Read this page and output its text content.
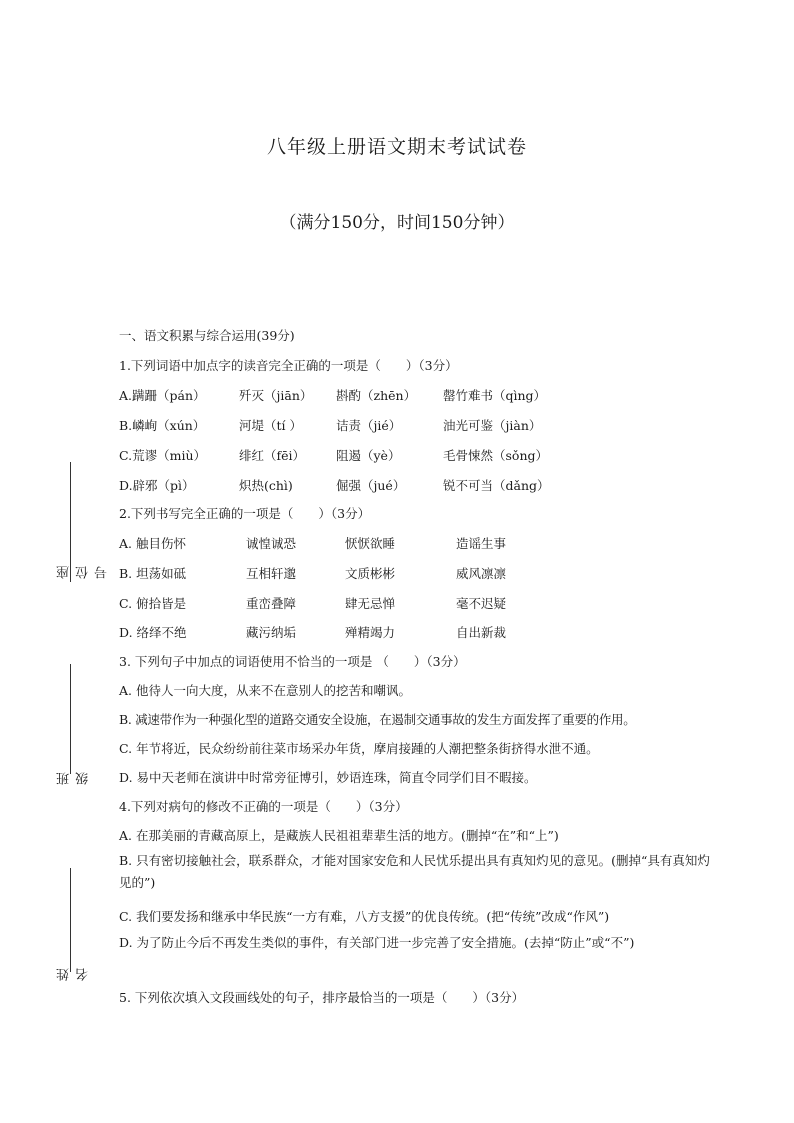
八年级上册语文期末考试试卷
（满分150分，时间150分钟）
座位号
班级
姓名
一、语文积累与综合运用(39分)
1.下列词语中加点字的读音完全正确的一项是（　　）（3分）
A.蹒跚（pán）	歼灭（jiān） 斟酌（zhēn） 罄竹难书（qìng）
B.嶙峋（xún）	河堤（tí ）	诘责（jié）	油光可鉴（jiàn）
C.荒谬（miù）	绯红（fēi） 阻遏（yè）	毛骨悚然（sǒng）
D.辟邪（pì）	炽热(chì)	倔强（jué）	锐不可当（dǎng）
2.下列书写完全正确的一项是（　　）（3分）
A. 触目伤怀	诚惶诚恐	恹恹欲睡	造谣生事
B. 坦荡如砥	互相轩邈	文质彬彬	威风凛凛
C. 俯拾皆是	重峦叠障	肆无忌惮	毫不迟疑
D. 络绎不绝	藏污纳垢	殚精竭力	自出新裁
3. 下列句子中加点的词语使用不恰当的一项是 （　　）（3分）
A. 他待人一向大度，从来不在意别人的挖苦和嘲讽。
B. 减速带作为一种强化型的道路交通安全设施，在遏制交通事故的发生方面发挥了重要的作用。
C. 年节将近，民众纷纷前往菜市场采办年货，摩肩接踵的人潮把整条街挤得水泄不通。
D. 易中天老师在演讲中时常旁征博引，妙语连珠，简直令同学们目不暇接。
4.下列对病句的修改不正确的一项是（　　）（3分）
A. 在那美丽的青藏高原上，是藏族人民祖祖辈辈生活的地方。(删掉“在”和“上”)
B. 只有密切接触社会，联系群众，才能对国家安危和人民忧乐提出具有真知灼见的意见。(删掉“具有真知灼见的”)
C. 我们要发扬和继承中华民族“一方有难，八方支援”的优良传统。(把“传统”改成“作风”)
D. 为了防止今后不再发生类似的事件，有关部门进一步完善了安全措施。(去掉“防止”或“不”)
5. 下列依次填入文段画线处的句子，排序最恰当的一项是（　　）（3分）
